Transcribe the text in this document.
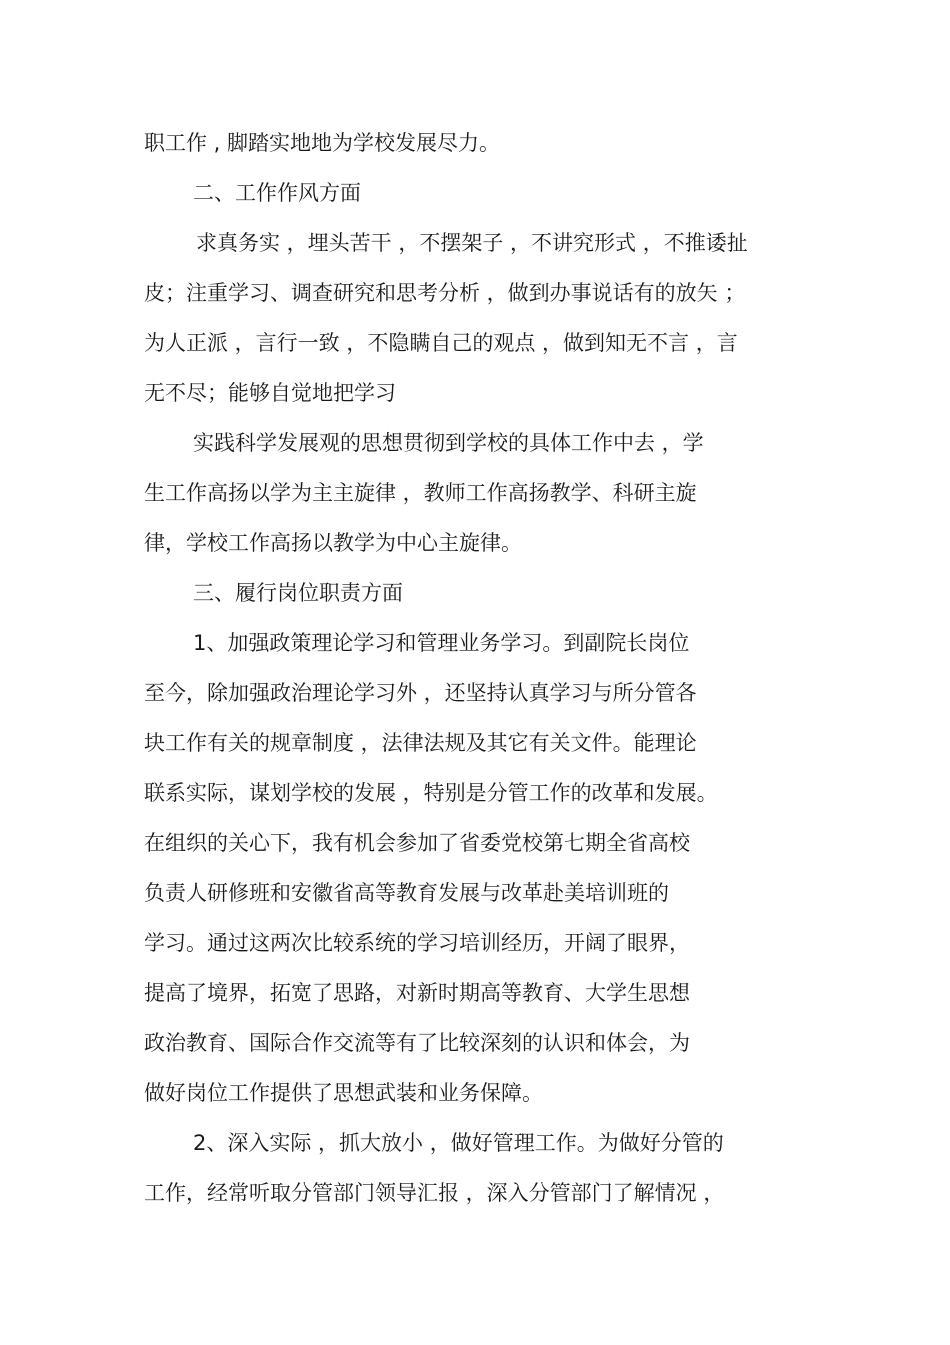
职工作 , 脚踏实地地为学校发展尽力。
二、工作作风方面
求真务实 ，埋头苦干 ，不摆架子 ，不讲究形式 ，不推诿扯
皮；注重学习、调查研究和思考分析 ，做到办事说话有的放矢 ；
为人正派 ，言行一致 ，不隐瞒自己的观点 ，做到知无不言 ，言
无不尽；能够自觉地把学习
实践科学发展观的思想贯彻到学校的具体工作中去 ，学
生工作高扬以学为主主旋律 ，教师工作高扬教学、科研主旋
律，学校工作高扬以教学为中心主旋律。
三、履行岗位职责方面
1、加强政策理论学习和管理业务学习。到副院长岗位
至今，除加强政治理论学习外 ，还坚持认真学习与所分管各
块工作有关的规章制度 ，法律法规及其它有关文件。能理论
联系实际，谋划学校的发展 ，特别是分管工作的改革和发展。
在组织的关心下，我有机会参加了省委党校第七期全省高校
负责人研修班和安徽省高等教育发展与改革赴美培训班的
学习。通过这两次比较系统的学习培训经历，开阔了眼界，
提高了境界，拓宽了思路，对新时期高等教育、大学生思想
政治教育、国际合作交流等有了比较深刻的认识和体会，为
做好岗位工作提供了思想武装和业务保障。
2、深入实际 ，抓大放小 ，做好管理工作。为做好分管的
工作，经常听取分管部门领导汇报 ，深入分管部门了解情况 ，
